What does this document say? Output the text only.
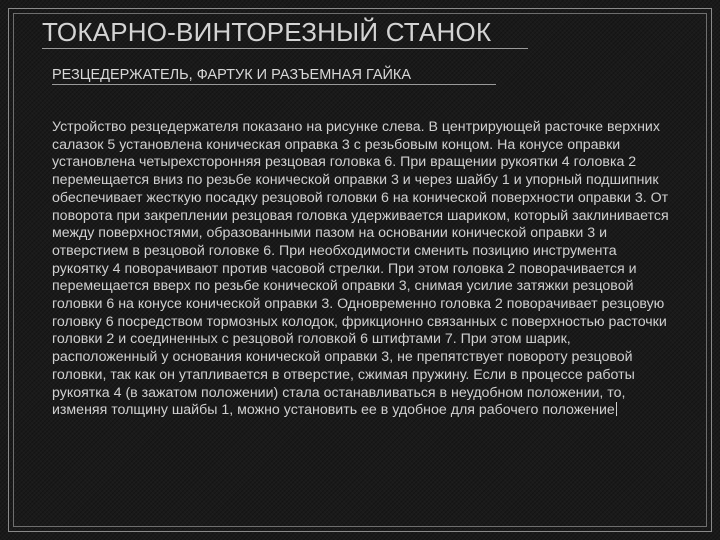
ТОКАРНО-ВИНТОРЕЗНЫЙ СТАНОК
РЕЗЦЕДЕРЖАТЕЛЬ, ФАРТУК И РАЗЪЕМНАЯ ГАЙКА

Устройство резцедержателя показано на рисунке слева. В центрирующей расточке верхних салазок 5 установлена коническая оправка 3 с резьбовым концом. На конусе оправки установлена четырехсторонняя резцовая головка 6. При вращении рукоятки 4 головка 2 перемещается вниз по резьбе конической оправки 3 и через шайбу 1 и упорный подшипник обеспечивает жесткую посадку резцовой головки 6 на конической поверхности оправки 3. От поворота при закреплении резцовая головка удерживается шариком, который заклинивается между поверхностями, образованными пазом на основании конической оправки 3 и отверстием в резцовой головке 6. При необходимости сменить позицию инструмента рукоятку 4 поворачивают против часовой стрелки. При этом головка 2 поворачивается и перемещается вверх по резьбе конической оправки 3, снимая усилие затяжки резцовой головки 6 на конусе конической оправки 3. Одновременно головка 2 поворачивает резцовую головку 6 посредством тормозных колодок, фрикционно связанных с поверхностью расточки головки 2 и соединенных с резцовой головкой 6 штифтами 7. При этом шарик, расположенный у основания конической оправки 3, не препятствует повороту резцовой головки, так как он утапливается в отверстие, сжимая пружину. Если в процессе работы рукоятка 4 (в зажатом положении) стала останавливаться в неудобном положении, то, изменяя толщину шайбы 1, можно установить ее в удобное для рабочего положение
